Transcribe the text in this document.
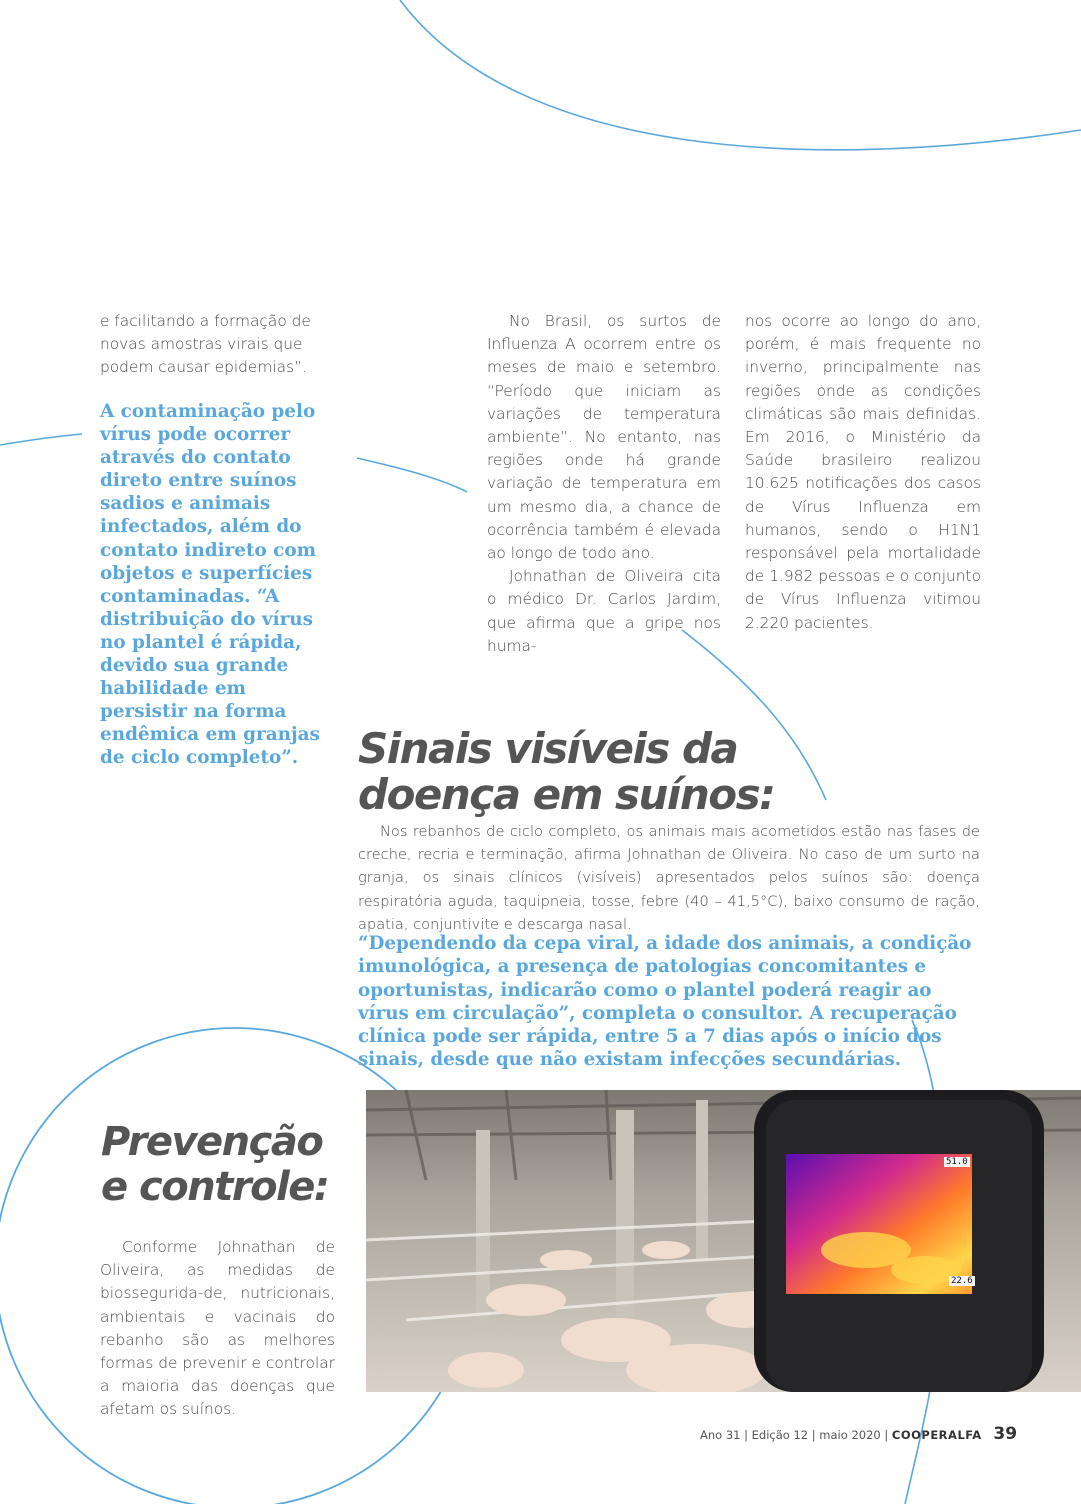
e facilitando a formação de novas amostras virais que podem causar epidemias”.

A contaminação pelo vírus pode ocorrer através do contato direto entre suínos sadios e animais infectados, além do contato indireto com objetos e superfícies contaminadas. “A distribuição do vírus no plantel é rápida, devido sua grande habilidade em persistir na forma endêmica em granjas de ciclo completo”.

No Brasil, os surtos de Influenza A ocorrem entre os meses de maio e setembro. “Período que iniciam as variações de temperatura ambiente”. No entanto, nas regiões onde há grande variação de temperatura em um mesmo dia, a chance de ocorrência também é elevada ao longo de todo ano.

Johnathan de Oliveira cita o médico Dr. Carlos Jardim, que afirma que a gripe nos huma-

nos ocorre ao longo do ano, porém, é mais frequente no inverno, principalmente nas regiões onde as condições climáticas são mais definidas. Em 2016, o Ministério da Saúde brasileiro realizou 10.625 notificações dos casos de Vírus Influenza em humanos, sendo o H1N1 responsável pela mortalidade de 1.982 pessoas e o conjunto de Vírus Influenza vitimou 2.220 pacientes.

Sinais visíveis da
doença em suínos:

Nos rebanhos de ciclo completo, os animais mais acometidos estão nas fases de creche, recria e terminação, afirma Johnathan de Oliveira. No caso de um surto na granja, os sinais clínicos (visíveis) apresentados pelos suínos são: doença respiratória aguda, taquipneia, tosse, febre (40 – 41,5°C), baixo consumo de ração, apatia, conjuntivite e descarga nasal.

“Dependendo da cepa viral, a idade dos animais, a condição imunológica, a presença de patologias concomitantes e oportunistas, indicarão como o plantel poderá reagir ao vírus em circulação”, completa o consultor. A recuperação clínica pode ser rápida, entre 5 a 7 dias após o início dos sinais, desde que não existam infecções secundárias.
51.0
22.6
Prevenção
e controle:

Conforme Johnathan de Oliveira, as medidas de biossegurida-de, nutricionais, ambientais e vacinais do rebanho são as melhores formas de prevenir e controlar a maioria das doenças que afetam os suínos.

Ano 31 | Edição 12 | maio 2020 | COOPERALFA 39
